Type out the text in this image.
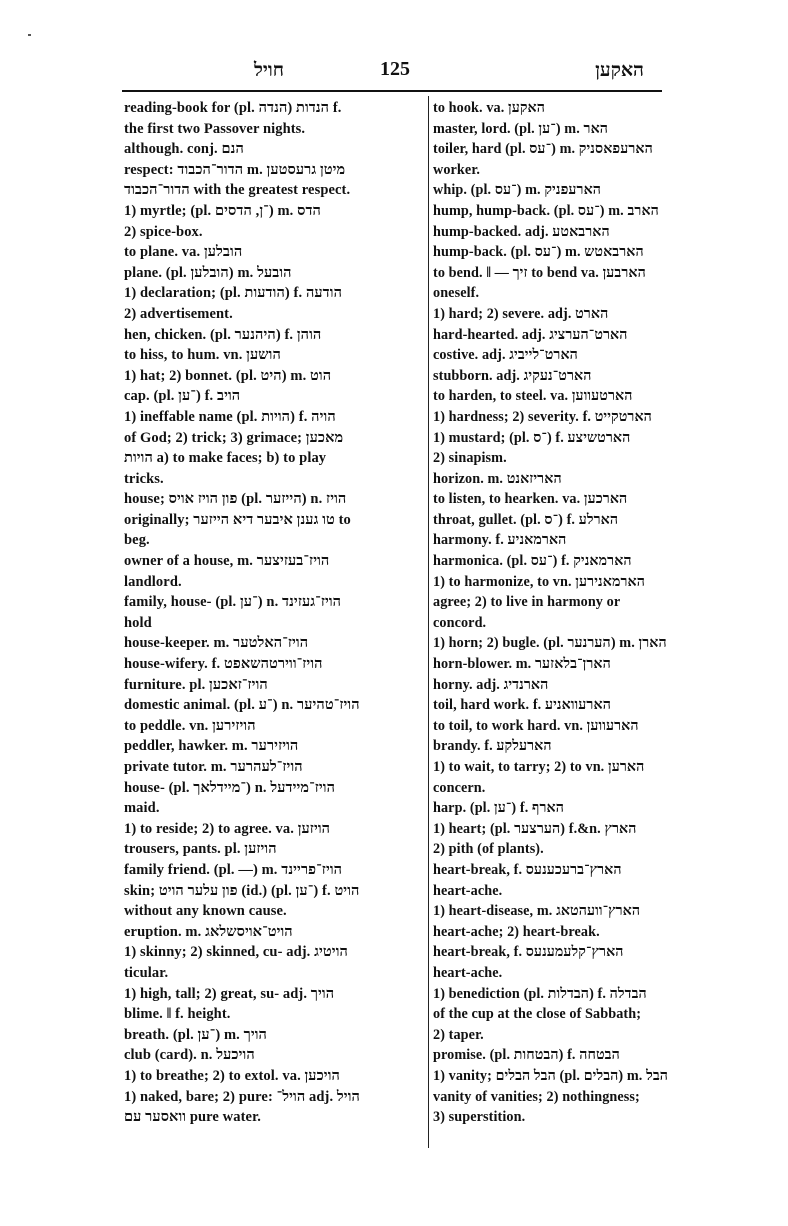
חויל	125	האקען
reading-book for (pl. הנדות (הנדה f.
the first two Passover nights.
although. conj. הנם
respect: הדור־הכבוד m. מיטן גרעסטען
הדור־הכבוד with the greatest respect.
1) myrtle; (pl. ־ן, הדסים) m. הדס
2) spice-box.
to plane. va. הובלען
plane. (pl. הובלען) m. הובעל
1) declaration; (pl. הודעות) f. הודעה
2) advertisement.
hen, chicken. (pl. היהנער) f. הוהן
to hiss, to hum. vn. הושען
1) hat; 2) bonnet. (pl. היט) m. הוט
cap. (pl. ־ען) f. הויב
1) ineffable name (pl. הויות) f. הויה
of God; 2) trick; 3) grimace; מאכען
הויות a) to make faces; b) to play
tricks.
house; פון הויז אויס (pl. הייזער) n. הויז
originally; טו גענן איבער דיא הייזער to
beg.
owner of a house, m. הויז־בעזיצער
landlord.
family, house- (pl. ־ען) n. הויז־געזינד
hold
house-keeper. m. הויז־האלטער
house-wifery. f. הויז־ווירטהשאפט
furniture. pl. הויז־זאכען
domestic animal. (pl. ־ע) n. הויז־טהיער
to peddle. vn. הויזירען
peddler, hawker. m. הויזירער
private tutor. m. הויז־לעהרער
house- (pl. ־מיידלאך) n. הויז־מיידעל
maid.
1) to reside; 2) to agree. va. הויזען
trousers, pants. pl. הויזען
family friend. (pl. —) m. הויז־פריינד
skin; פון עלער הויט (id.) (pl. ־ען) f. הויט
without any known cause.
eruption. m. הויט־אויסשלאג
1) skinny; 2) skinned, cu- adj. הויטיג
ticular.
1) high, tall; 2) great, su- adj. הויך
blime. ‖ f. height.
breath. (pl. ־ען) m. הויך
club (card). n. הויכעל
1) to breathe; 2) to extol. va. הויכען
1) naked, bare; 2) pure: הויל־ adj. הויל
וואסער עם pure water.
to hook. va. האקען
master, lord. (pl. ־ען) m. האר
toiler, hard (pl. ־עס) m. הארעפאסניק
worker.
whip. (pl. ־עס) m. הארעפניק
hump, hump-back. (pl. ־עס) m. הארב
hump-backed. adj. הארבאטע
hump-back. (pl. ־עס) m. הארבאטש
to bend. ‖ — זיך to bend va. הארבען
oneself.
1) hard; 2) severe. adj. הארט
hard-hearted. adj. הארט־הערציג
costive. adj. הארט־לייביג
stubborn. adj. הארט־נעקיג
to harden, to steel. va. הארטעווען
1) hardness; 2) severity. f. הארטקייט
1) mustard; (pl. ־ס) f. הארטשיצע
2) sinapism.
horizon. m. האריזאנט
to listen, to hearken. va. הארכען
throat, gullet. (pl. ־ס) f. הארלע
harmony. f. הארמאניע
harmonica. (pl. ־עס) f. הארמאניק
1) to harmonize, to vn. הארמאנירען
agree; 2) to live in harmony or
concord.
1) horn; 2) bugle. (pl. הערנער) m. הארן
horn-blower. m. הארן־בלאזער
horny. adj. הארנדיג
toil, hard work. f. הארעוואניע
to toil, to work hard. vn. הארעווען
brandy. f. הארעלקע
1) to wait, to tarry; 2) to vn. הארען
concern.
harp. (pl. ־ען) f. הארף
1) heart; (pl. הערצער) f.&n. הארץ
2) pith (of plants).
heart-break, f. הארץ־ברעכענעס
heart-ache.
1) heart-disease, m. הארץ־וועהטאג
heart-ache; 2) heart-break.
heart-break, f. הארץ־קלעמענעס
heart-ache.
1) benediction (pl. הבדלות) f. הבדלה
of the cup at the close of Sabbath;
2) taper.
promise. (pl. הבטחות) f. הבטחה
1) vanity; הבל הבלים (pl. הבלים) m. הבל
vanity of vanities; 2) nothingness;
3) superstition.
